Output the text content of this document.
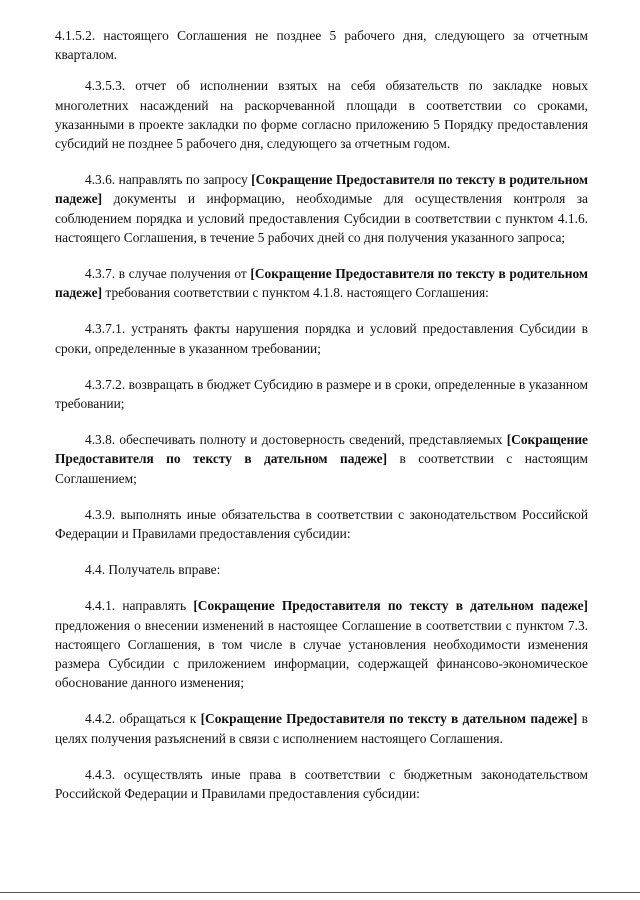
4.1.5.2. настоящего Соглашения не позднее 5 рабочего дня, следующего за отчетным кварталом.

4.3.5.3. отчет об исполнении взятых на себя обязательств по закладке новых многолетних насаждений на раскорчеванной площади в соответствии со сроками, указанными в проекте закладки по форме согласно приложению 5 Порядку предоставления субсидий не позднее 5 рабочего дня, следующего за отчетным годом.

4.3.6. направлять по запросу [Сокращение Предоставителя по тексту в родительном падеже] документы и информацию, необходимые для осуществления контроля за соблюдением порядка и условий предоставления Субсидии в соответствии с пунктом 4.1.6. настоящего Соглашения, в течение 5 рабочих дней со дня получения указанного запроса;

4.3.7. в случае получения от [Сокращение Предоставителя по тексту в родительном падеже] требования соответствии с пунктом 4.1.8. настоящего Соглашения:

4.3.7.1. устранять факты нарушения порядка и условий предоставления Субсидии в сроки, определенные в указанном требовании;

4.3.7.2. возвращать в бюджет Субсидию в размере и в сроки, определенные в указанном требовании;

4.3.8. обеспечивать полноту и достоверность сведений, представляемых [Сокращение Предоставителя по тексту в дательном падеже] в соответствии с настоящим Соглашением;

4.3.9. выполнять иные обязательства в соответствии с законодательством Российской Федерации и Правилами предоставления субсидии:

4.4. Получатель вправе:

4.4.1. направлять [Сокращение Предоставителя по тексту в дательном падеже] предложения о внесении изменений в настоящее Соглашение в соответствии с пунктом 7.3. настоящего Соглашения, в том числе в случае установления необходимости изменения размера Субсидии с приложением информации, содержащей финансово-экономическое обоснование данного изменения;

4.4.2. обращаться к [Сокращение Предоставителя по тексту в дательном падеже] в целях получения разъяснений в связи с исполнением настоящего Соглашения.

4.4.3. осуществлять иные права в соответствии с бюджетным законодательством Российской Федерации и Правилами предоставления субсидии:
